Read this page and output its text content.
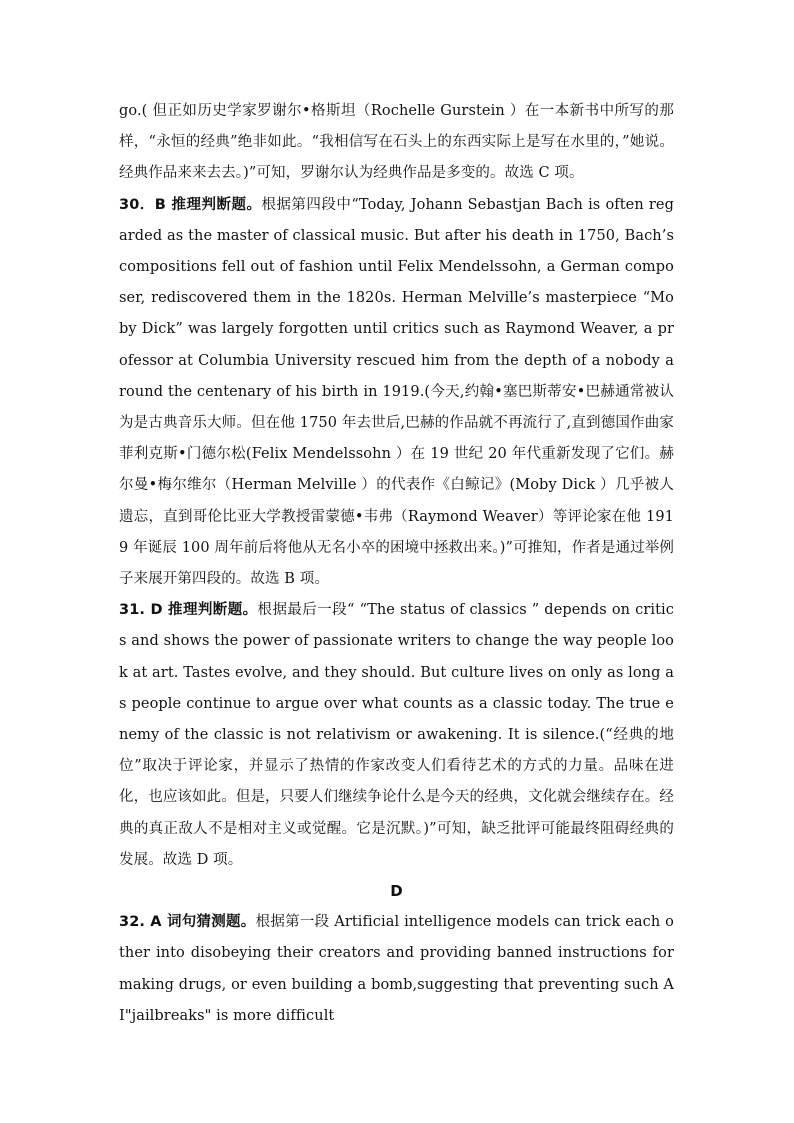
go.( 但正如历史学家罗谢尔•格斯坦（Rochelle Gurstein ）在一本新书中所写的那样，“永恒的经典”绝非如此。“我相信写在石头上的东西实际上是写在水里的，”她说。经典作品来来去去。)”可知，罗谢尔认为经典作品是多变的。故选 C 项。

30．B 推理判断题。根据第四段中“Today, Johann Sebastjan Bach is often regarded as the master of classical music. But after his death in 1750, Bach’s compositions fell out of fashion until Felix Mendelssohn, a German composer, rediscovered them in the 1820s. Herman Melville’s masterpiece “Moby Dick” was largely forgotten until critics such as Raymond Weaver, a professor at Columbia University rescued him from the depth of a nobody around the centenary of his birth in 1919.(今天,约翰•塞巴斯蒂安•巴赫通常被认为是古典音乐大师。但在他 1750 年去世后,巴赫的作品就不再流行了,直到德国作曲家菲利克斯•门德尔松(Felix Mendelssohn ）在 19 世纪 20 年代重新发现了它们。赫尔曼•梅尔维尔（Herman Melville ）的代表作《白鲸记》(Moby Dick ）几乎被人遗忘，直到哥伦比亚大学教授雷蒙德•韦弗（Raymond Weaver）等评论家在他 1919 年诞辰 100 周年前后将他从无名小卒的困境中拯救出来。)”可推知，作者是通过举例子来展开第四段的。故选 B 项。

31. D 推理判断题。根据最后一段“ “The status of classics ” depends on critics and shows the power of passionate writers to change the way people look at art. Tastes evolve, and they should. But culture lives on only as long as people continue to argue over what counts as a classic today. The true enemy of the classic is not relativism or awakening. It is silence.(“经典的地位”取决于评论家，并显示了热情的作家改变人们看待艺术的方式的力量。品味在进化，也应该如此。但是，只要人们继续争论什么是今天的经典，文化就会继续存在。经典的真正敌人不是相对主义或觉醒。它是沉默。)”可知，缺乏批评可能最终阻碍经典的发展。故选 D 项。

D

32. A 词句猜测题。根据第一段 Artificial intelligence models can trick each other into disobeying their creators and providing banned instructions for making drugs, or even building a bomb,suggesting that preventing such AI"jailbreaks" is more difficult
